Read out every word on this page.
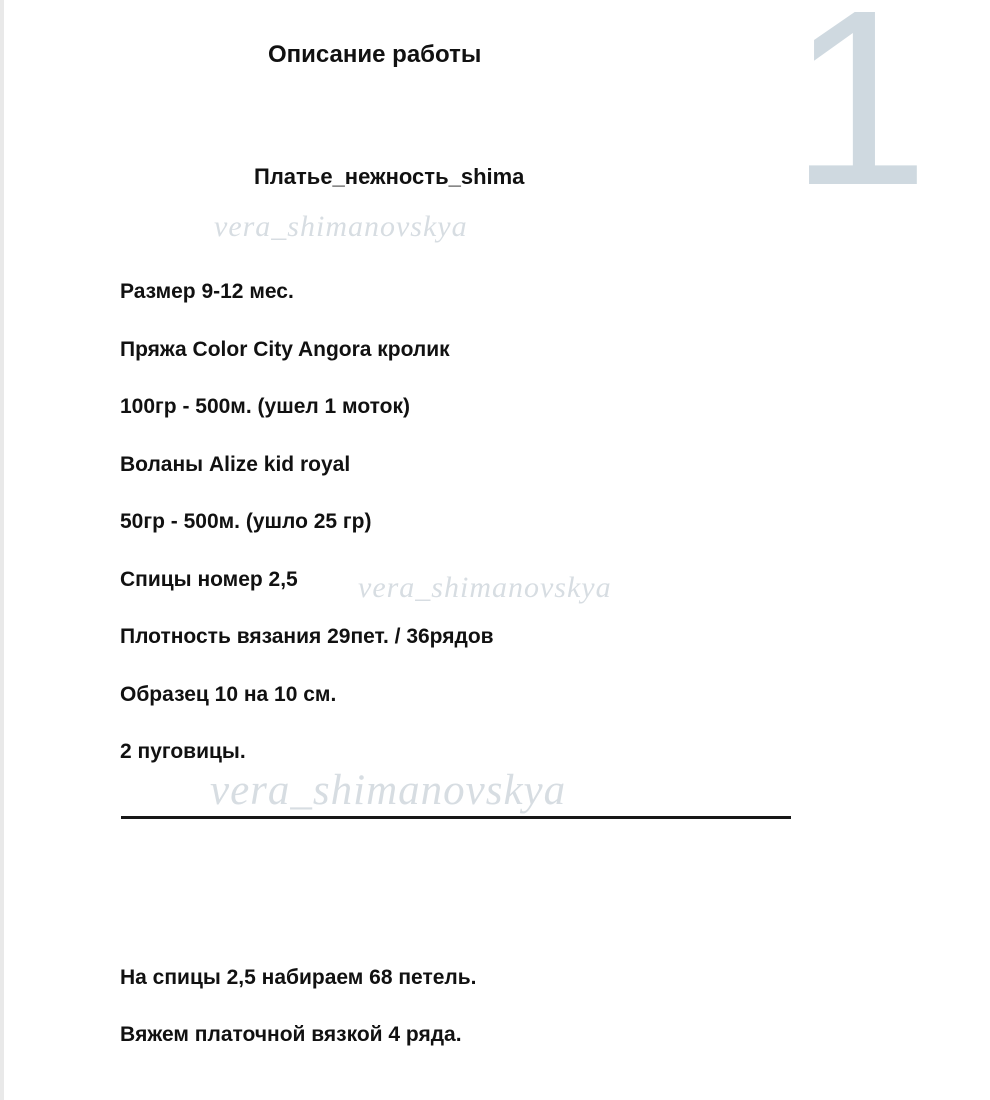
1
Описание работы
Платье_нежность_shima

vera_shimanovskya

Размер 9-12 мес.
Пряжа Color City Angora кролик
100гр - 500м. (ушел 1 моток)
Воланы Alize kid royal
50гр - 500м. (ушло 25 гр)
Спицы номер 2,5
Плотность вязания 29пет. / 36рядов
Образец 10 на 10 см.
2 пуговицы.

vera_shimanovskya

vera_shimanovskya

На спицы 2,5 набираем 68 петель.
Вяжем платочной вязкой 4 ряда.
